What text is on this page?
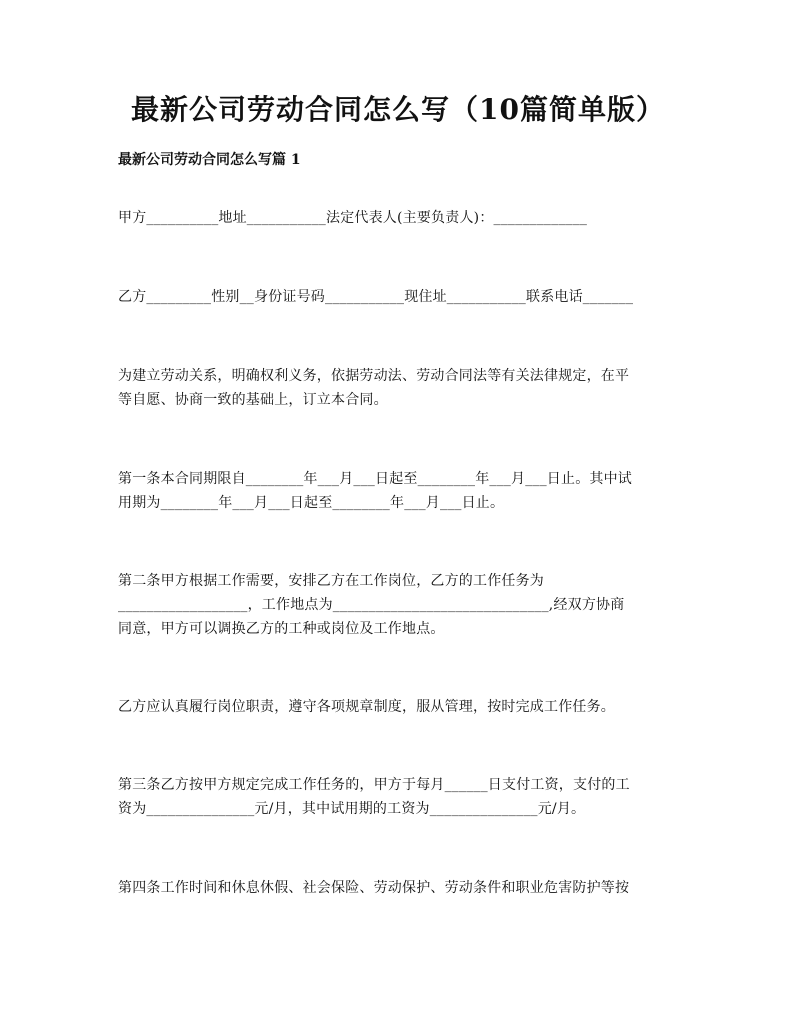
最新公司劳动合同怎么写（10篇简单版）
最新公司劳动合同怎么写篇 1

甲方__________地址___________法定代表人(主要负责人)：_____________

乙方_________性别__身份证号码___________现住址___________联系电话_______

为建立劳动关系，明确权利义务，依据劳动法、劳动合同法等有关法律规定，在平

等自愿、协商一致的基础上，订立本合同。

第一条本合同期限自________年___月___日起至________年___月___日止。其中试

用期为________年___月___日起至________年___月___日止。

第二条甲方根据工作需要，安排乙方在工作岗位，乙方的工作任务为

__________________，工作地点为______________________________,经双方协商

同意，甲方可以调换乙方的工种或岗位及工作地点。

乙方应认真履行岗位职责，遵守各项规章制度，服从管理，按时完成工作任务。

第三条乙方按甲方规定完成工作任务的，甲方于每月______日支付工资，支付的工

资为_______________元/月，其中试用期的工资为_______________元/月。

第四条工作时间和休息休假、社会保险、劳动保护、劳动条件和职业危害防护等按
